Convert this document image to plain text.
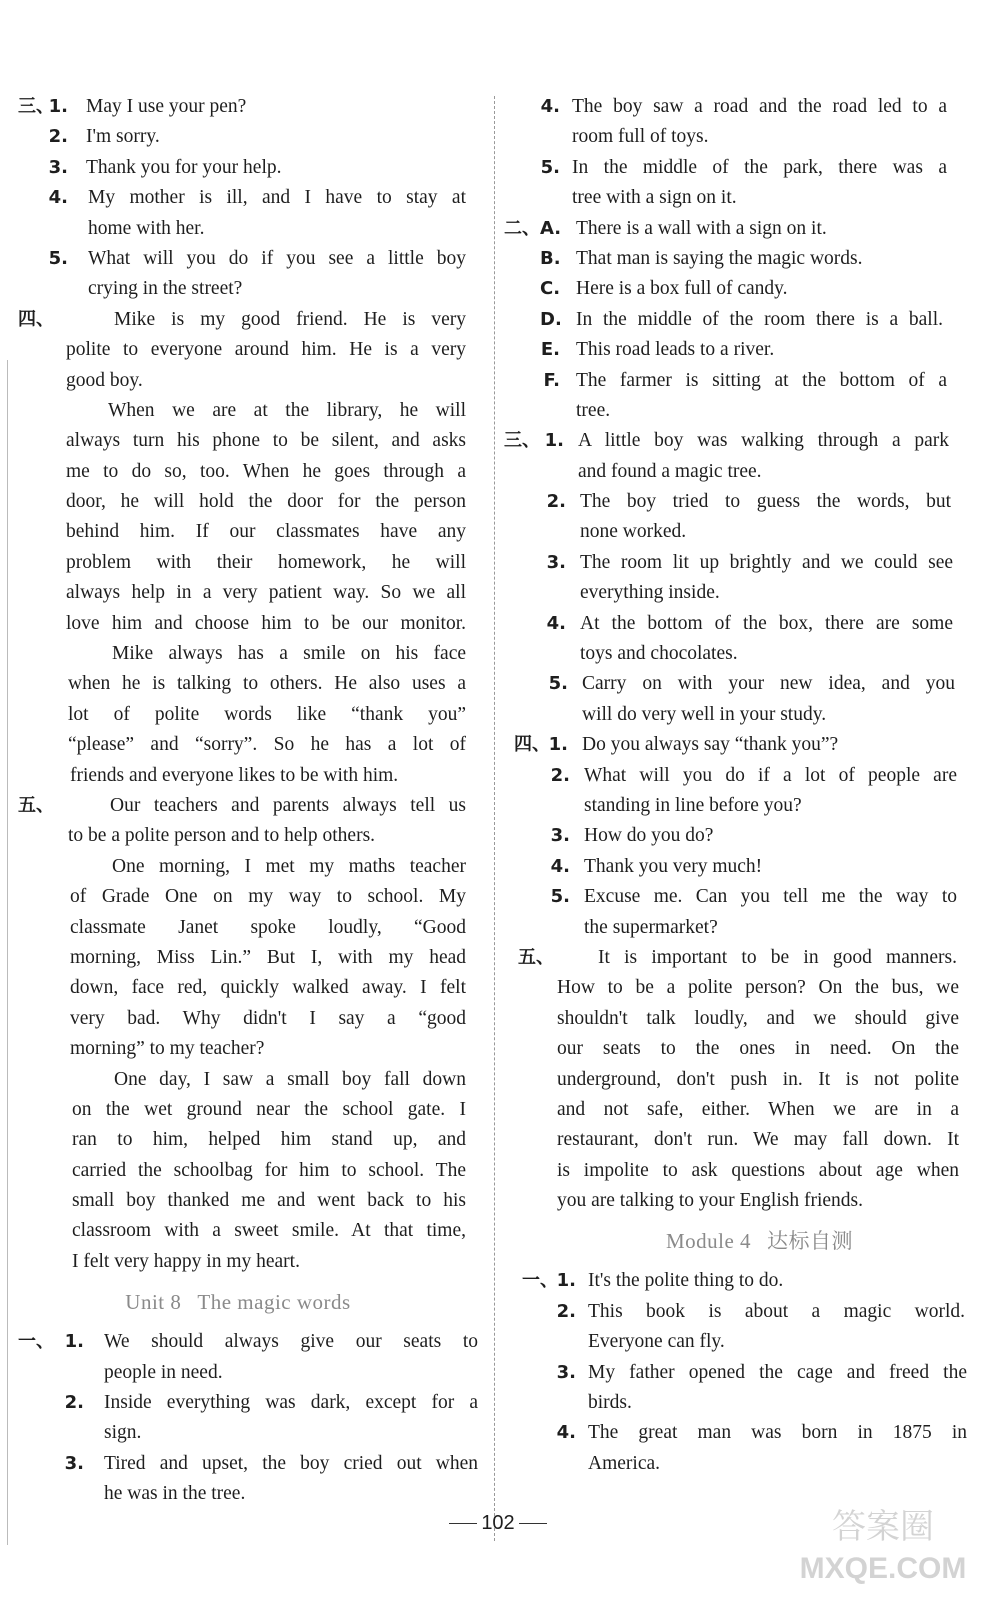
三、
1. May I use your pen?
2. I'm sorry.
3. Thank you for your help.
4. My mother is ill, and I have to stay at
home with her.
5. What will you do if you see a little boy
crying in the street?
四、	Mike is my good friend. He is very
polite to everyone around him. He is a very
good boy.
When we are at the library, he will
always turn his phone to be silent, and asks
me to do so, too. When he goes through a
door, he will hold the door for the person
behind him. If our classmates have any
problem with their homework, he will
always help in a very patient way. So we all
love him and choose him to be our monitor.
Mike always has a smile on his face
when he is talking to others. He also uses a
lot of polite words like “thank you”
“please” and “sorry”. So he has a lot of
friends and everyone likes to be with him.
五、	Our teachers and parents always tell us
to be a polite person and to help others.
One morning, I met my maths teacher
of Grade One on my way to school. My
classmate Janet spoke loudly, “Good
morning, Miss Lin.” But I, with my head
down, face red, quickly walked away. I felt
very bad. Why didn't I say a “good
morning” to my teacher?
One day, I saw a small boy fall down
on the wet ground near the school gate. I
ran to him, helped him stand up, and
carried the schoolbag for him to school. The
small boy thanked me and went back to his
classroom with a sweet smile. At that time,
I felt very happy in my heart.
Unit 8 The magic words
一、 1. We should always give our seats to
people in need.
2. Inside everything was dark, except for a
sign.
3. Tired and upset, the boy cried out when
he was in the tree.
4. The boy saw a road and the road led to a
room full of toys.
5. In the middle of the park, there was a
tree with a sign on it.
二、 A. There is a wall with a sign on it.
B. That man is saying the magic words.
C. Here is a box full of candy.
D. In the middle of the room there is a ball.
E. This road leads to a river.
F. The farmer is sitting at the bottom of a
tree.
三、 1. A little boy was walking through a park
and found a magic tree.
2. The boy tried to guess the words, but
none worked.
3. The room lit up brightly and we could see
everything inside.
4. At the bottom of the box, there are some
toys and chocolates.
5. Carry on with your new idea, and you
will do very well in your study.
四、
1. Do you always say “thank you”?
2. What will you do if a lot of people are
standing in line before you?
3. How do you do?
4. Thank you very much!
5. Excuse me. Can you tell me the way to
the supermarket?
五、 It is important to be in good manners.
How to be a polite person? On the bus, we
shouldn't talk loudly, and we should give
our seats to the ones in need. On the
underground, don't push in. It is not polite
and not safe, either. When we are in a
restaurant, don't run. We may fall down. It
is impolite to ask questions about age when
you are talking to your English friends.
Module 4 达标自测
一、
1. It's the polite thing to do.
2. This book is about a magic world.
Everyone can fly.
3. My father opened the cage and freed the
birds.
4. The great man was born in 1875 in
America.
102	答案圈
MXQE.COM
